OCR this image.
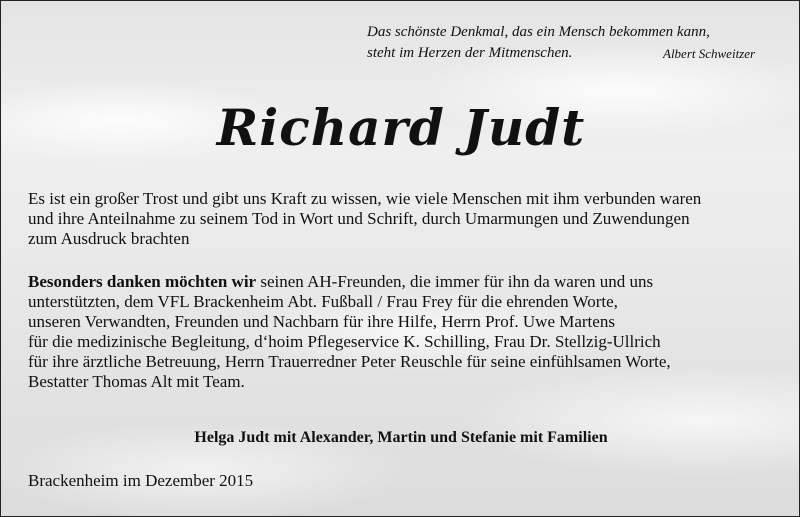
Das schönste Denkmal, das ein Mensch bekommen kann,
steht im Herzen der Mitmenschen.	Albert Schweitzer
Richard Judt
Es ist ein großer Trost und gibt uns Kraft zu wissen, wie viele Menschen mit ihm verbunden waren
und ihre Anteilnahme zu seinem Tod in Wort und Schrift, durch Umarmungen und Zuwendungen
zum Ausdruck brachten
Besonders danken möchten wir seinen AH-Freunden, die immer für ihn da waren und uns
unterstützten, dem VFL Brackenheim Abt. Fußball / Frau Frey für die ehrenden Worte,
unseren Verwandten, Freunden und Nachbarn für ihre Hilfe, Herrn Prof. Uwe Martens
für die medizinische Begleitung, d‘hoim Pflegeservice K. Schilling, Frau Dr. Stellzig-Ullrich
für ihre ärztliche Betreuung, Herrn Trauerredner Peter Reuschle für seine einfühlsamen Worte,
Bestatter Thomas Alt mit Team.
Helga Judt mit Alexander, Martin und Stefanie mit Familien
Brackenheim im Dezember 2015
